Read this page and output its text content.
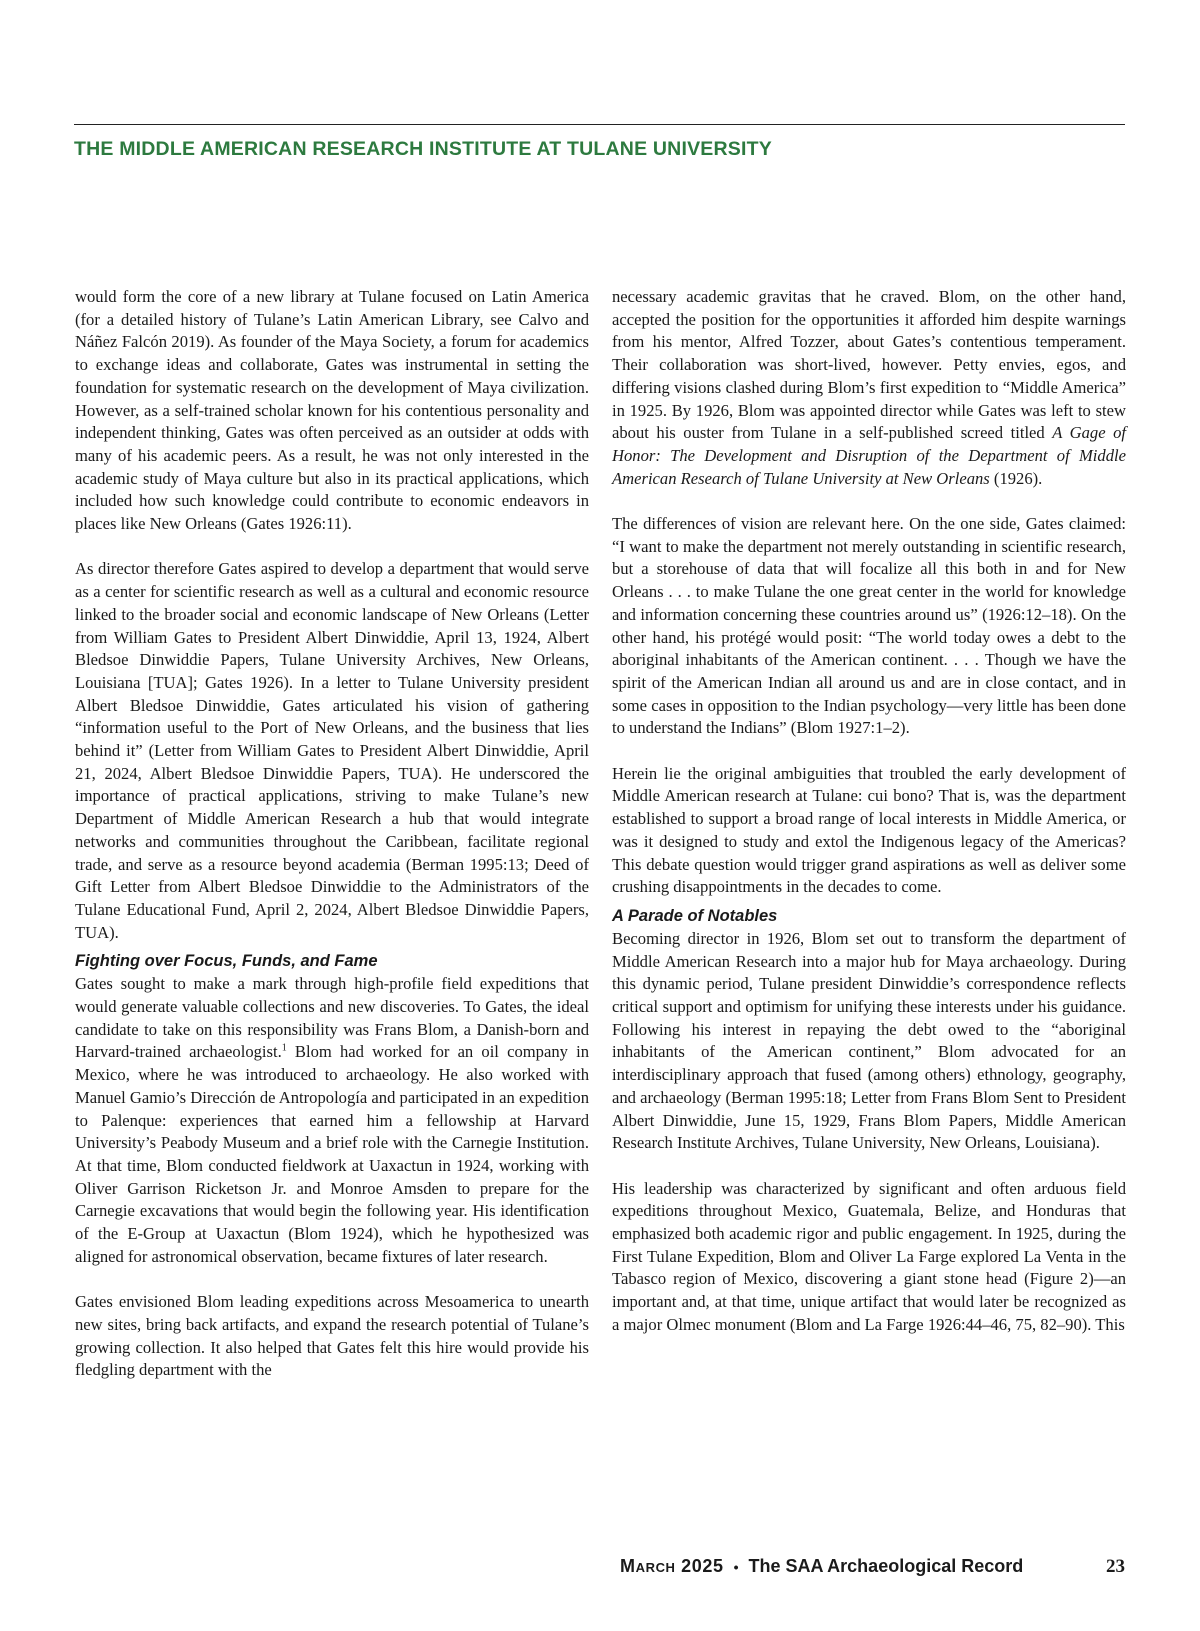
THE MIDDLE AMERICAN RESEARCH INSTITUTE AT TULANE UNIVERSITY

would form the core of a new library at Tulane focused on Latin America (for a detailed history of Tulane’s Latin American Library, see Calvo and Náñez Falcón 2019). As founder of the Maya Society, a forum for academics to exchange ideas and collaborate, Gates was instrumental in setting the foundation for systematic research on the development of Maya civilization. However, as a self-trained scholar known for his contentious personality and independent thinking, Gates was often perceived as an outsider at odds with many of his academic peers. As a result, he was not only interested in the academic study of Maya culture but also in its practical applications, which included how such knowledge could contribute to economic endeavors in places like New Orleans (Gates 1926:11).

As director therefore Gates aspired to develop a department that would serve as a center for scientific research as well as a cultural and economic resource linked to the broader social and economic landscape of New Orleans (Letter from William Gates to President Albert Dinwiddie, April 13, 1924, Albert Bledsoe Dinwiddie Papers, Tulane University Archives, New Orleans, Louisiana [TUA]; Gates 1926). In a letter to Tulane University president Albert Bledsoe Dinwiddie, Gates articulated his vision of gathering “information useful to the Port of New Orleans, and the business that lies behind it” (Letter from William Gates to President Albert Dinwiddie, April 21, 2024, Albert Bledsoe Dinwiddie Papers, TUA). He underscored the importance of practical applications, striving to make Tulane’s new Department of Middle American Research a hub that would integrate networks and communities throughout the Caribbean, facilitate regional trade, and serve as a resource beyond academia (Berman 1995:13; Deed of Gift Letter from Albert Bledsoe Dinwiddie to the Administrators of the Tulane Educational Fund, April 2, 2024, Albert Bledsoe Dinwiddie Papers, TUA).

Fighting over Focus, Funds, and Fame

Gates sought to make a mark through high-profile field expeditions that would generate valuable collections and new discoveries. To Gates, the ideal candidate to take on this responsibility was Frans Blom, a Danish-born and Harvard-trained archaeologist.$^1$ Blom had worked for an oil company in Mexico, where he was introduced to archaeology. He also worked with Manuel Gamio’s Dirección de Antropología and participated in an expedition to Palenque: experiences that earned him a fellowship at Harvard University’s Peabody Museum and a brief role with the Carnegie Institution. At that time, Blom conducted fieldwork at Uaxactun in 1924, working with Oliver Garrison Ricketson Jr. and Monroe Amsden to prepare for the Carnegie excavations that would begin the following year. His identification of the E-Group at Uaxactun (Blom 1924), which he hypothesized was aligned for astronomical observation, became fixtures of later research.

Gates envisioned Blom leading expeditions across Mesoamerica to unearth new sites, bring back artifacts, and expand the research potential of Tulane’s growing collection. It also helped that Gates felt this hire would provide his fledgling department with the

necessary academic gravitas that he craved. Blom, on the other hand, accepted the position for the opportunities it afforded him despite warnings from his mentor, Alfred Tozzer, about Gates’s contentious temperament. Their collaboration was short-lived, however. Petty envies, egos, and differing visions clashed during Blom’s first expedition to “Middle America” in 1925. By 1926, Blom was appointed director while Gates was left to stew about his ouster from Tulane in a self-published screed titled A Gage of Honor: The Development and Disruption of the Department of Middle American Research of Tulane University at New Orleans (1926).

The differences of vision are relevant here. On the one side, Gates claimed: “I want to make the department not merely outstanding in scientific research, but a storehouse of data that will focalize all this both in and for New Orleans . . . to make Tulane the one great center in the world for knowledge and information concerning these countries around us” (1926:12–18). On the other hand, his protégé would posit: “The world today owes a debt to the aboriginal inhabitants of the American continent. . . . Though we have the spirit of the American Indian all around us and are in close contact, and in some cases in opposition to the Indian psychology—very little has been done to understand the Indians” (Blom 1927:1–2).

Herein lie the original ambiguities that troubled the early development of Middle American research at Tulane: cui bono? That is, was the department established to support a broad range of local interests in Middle America, or was it designed to study and extol the Indigenous legacy of the Americas? This debate question would trigger grand aspirations as well as deliver some crushing disappointments in the decades to come.

A Parade of Notables

Becoming director in 1926, Blom set out to transform the department of Middle American Research into a major hub for Maya archaeology. During this dynamic period, Tulane president Dinwiddie’s correspondence reflects critical support and optimism for unifying these interests under his guidance. Following his interest in repaying the debt owed to the “aboriginal inhabitants of the American continent,” Blom advocated for an interdisciplinary approach that fused (among others) ethnology, geography, and archaeology (Berman 1995:18; Letter from Frans Blom Sent to President Albert Dinwiddie, June 15, 1929, Frans Blom Papers, Middle American Research Institute Archives, Tulane University, New Orleans, Louisiana).

His leadership was characterized by significant and often arduous field expeditions throughout Mexico, Guatemala, Belize, and Honduras that emphasized both academic rigor and public engagement. In 1925, during the First Tulane Expedition, Blom and Oliver La Farge explored La Venta in the Tabasco region of Mexico, discovering a giant stone head (Figure 2)—an important and, at that time, unique artifact that would later be recognized as a major Olmec monument (Blom and La Farge 1926:44–46, 75, 82–90). This

March 2025 • The SAA Archaeological Record	23
